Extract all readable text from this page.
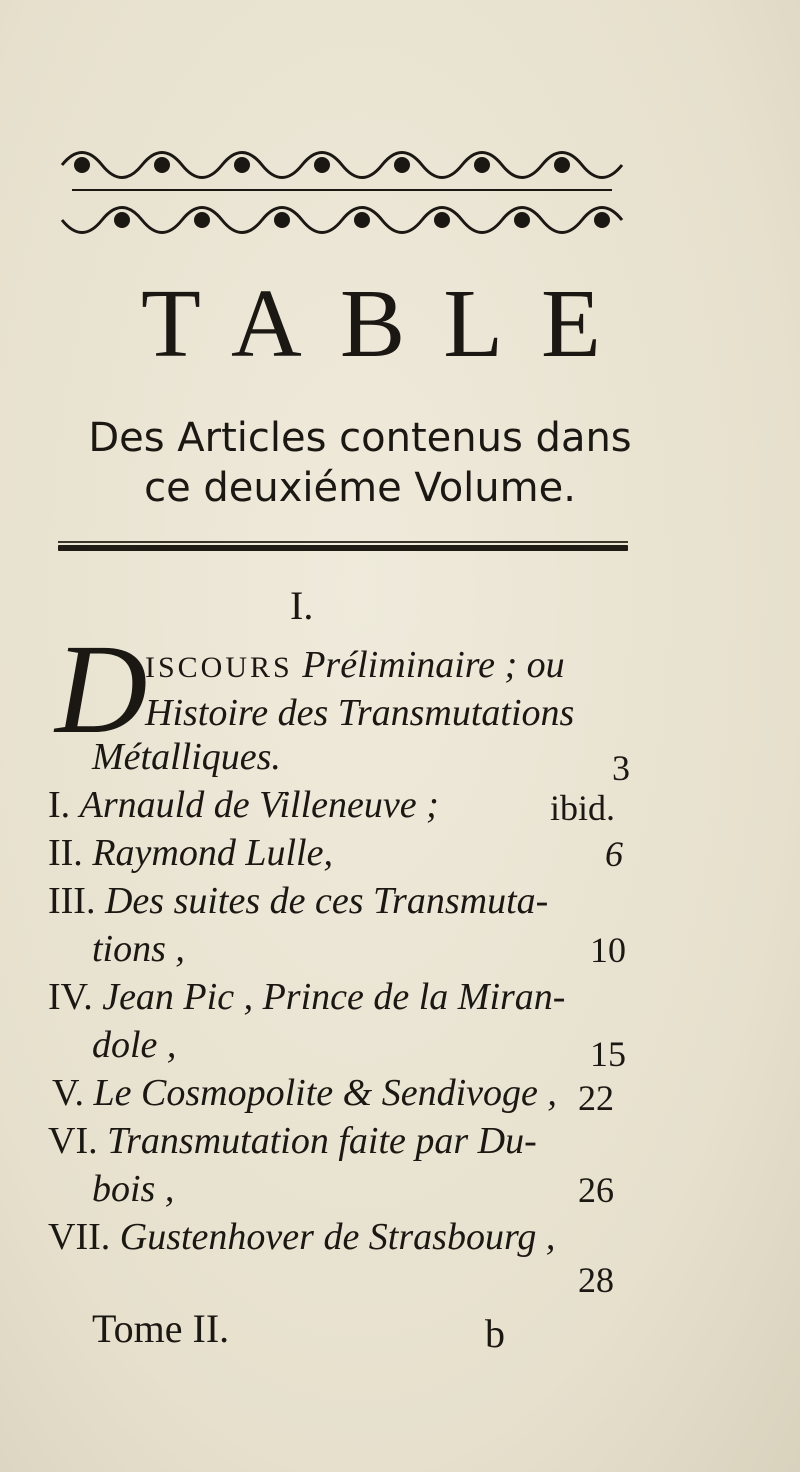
TABLE
Des Articles contenus dans
ce deuxiéme Volume.
I.
D
ISCOURS Préliminaire ; ou
Histoire des Transmutations
Métalliques.	3
I. Arnauld de Villeneuve ;	ibid.
II. Raymond Lulle,	6
III. Des suites de ces Transmuta-
tions ,	10
IV. Jean Pic , Prince de la Miran-
dole ,	15
V. Le Cosmopolite & Sendivoge , 22
VI. Transmutation faite par Du-
bois ,	26
VII. Gustenhover de Strasbourg ,
28
Tome II.	b
